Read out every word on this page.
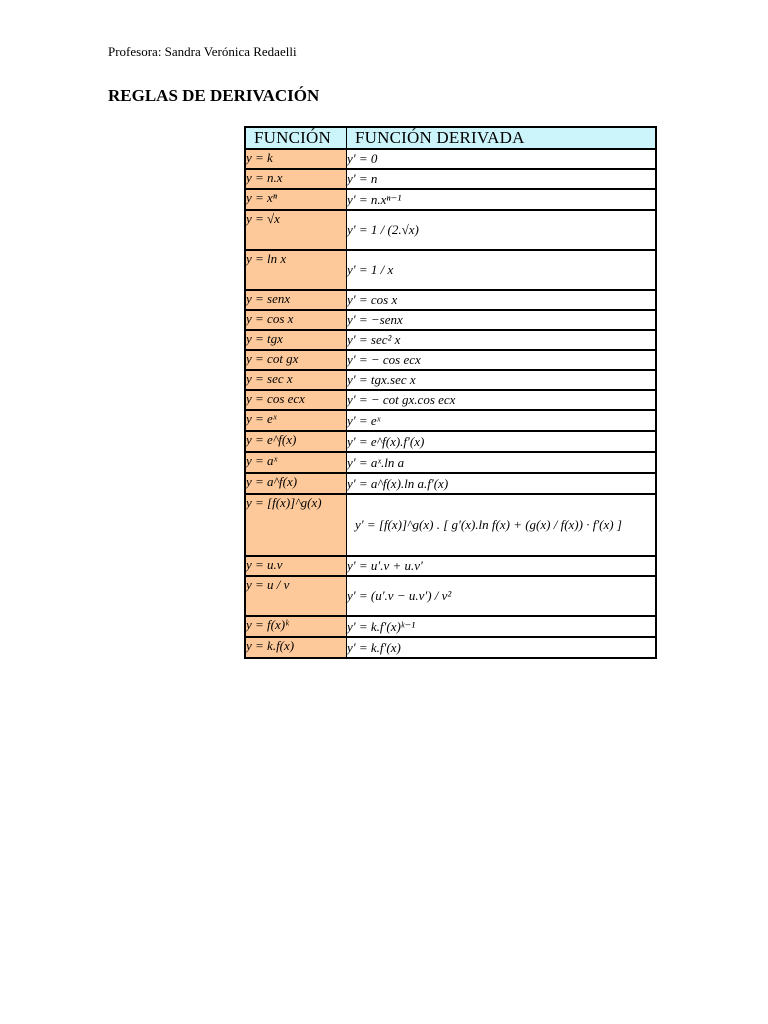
Profesora: Sandra Verónica Redaelli
REGLAS DE DERIVACIÓN
FUNCIÓN	FUNCIÓN DERIVADA
y = k	y′ = 0
y = n.x	y′ = n
y = xⁿ	y′ = n.xⁿ⁻¹
y = √x	y′ = 1 / (2.√x)
y = ln x	y′ = 1 / x
y = senx	y′ = cos x
y = cos x	y′ = −senx
y = tgx	y′ = sec² x
y = cot gx	y′ = − cos ecx
y = sec x	y′ = tgx.sec x
y = cos ecx	y′ = − cot gx.cos ecx
y = eˣ	y′ = eˣ
y = e^f(x)	y′ = e^f(x).f′(x)
y = aˣ	y′ = aˣ.ln a
y = a^f(x)	y′ = a^f(x).ln a.f′(x)
y = [f(x)]^g(x)	y′ = [f(x)]^g(x) . [ g′(x).ln f(x) + (g(x) / f(x)) · f′(x) ]
y = u.v	y′ = u′.v + u.v′
y = u / v	y′ = (u′.v − u.v′) / v²
y = f(x)ᵏ	y′ = k.f′(x)ᵏ⁻¹
y = k.f(x)	y′ = k.f′(x)
